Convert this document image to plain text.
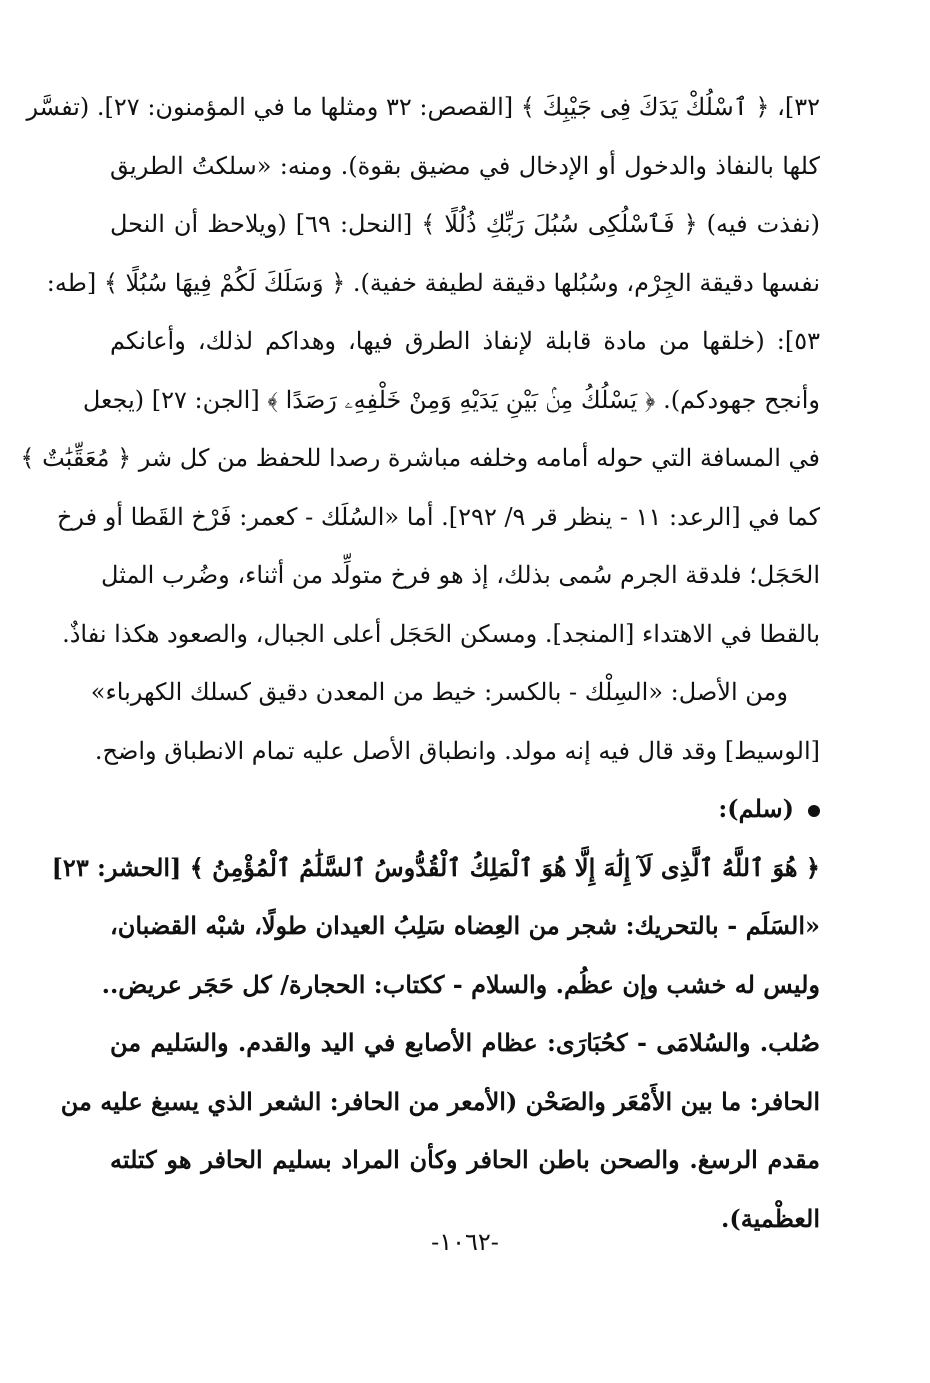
٣٢]، ﴿ ٱسْلُكْ يَدَكَ فِى جَيْبِكَ ﴾ [القصص: ٣٢ ومثلها ما في المؤمنون: ٢٧]. (تفسَّر
كلها بالنفاذ والدخول أو الإدخال في مضيق بقوة). ومنه: «سلكتُ الطريق
(نفذت فيه) ﴿ فَٱسْلُكِى سُبُلَ رَبِّكِ ذُلُلًا ﴾ [النحل: ٦٩] (ويلاحظ أن النحل
نفسها دقيقة الجِرْم، وسُبُلها دقيقة لطيفة خفية). ﴿ وَسَلَكَ لَكُمْ فِيهَا سُبُلًا ﴾ [طه:
٥٣]: (خلقها من مادة قابلة لإنفاذ الطرق فيها، وهداكم لذلك، وأعانكم
وأنجح جهودكم). ﴿ يَسْلُكُ مِنۢ بَيْنِ يَدَيْهِ وَمِنْ خَلْفِهِۦ رَصَدًا ﴾ [الجن: ٢٧] (يجعل
في المسافة التي حوله أمامه وخلفه مباشرة رصدا للحفظ من كل شر ﴿ مُعَقِّبَٰتٌ ﴾
كما في [الرعد: ١١ - ينظر قر ٩/ ٢٩٢]. أما «السُلَك - كعمر: فَرْخ القَطا أو فرخ
الحَجَل؛ فلدقة الجرم سُمى بذلك، إذ هو فرخ متولِّد من أثناء، وضُرب المثل
بالقطا في الاهتداء [المنجد]. ومسكن الحَجَل أعلى الجبال، والصعود هكذا نفاذٌ.
ومن الأصل: «السِلْك - بالكسر: خيط من المعدن دقيق كسلك الكهرباء»
[الوسيط] وقد قال فيه إنه مولد. وانطباق الأصل عليه تمام الانطباق واضح.
(سلم):
﴿ هُوَ ٱللَّهُ ٱلَّذِى لَآ إِلَٰهَ إِلَّا هُوَ ٱلْمَلِكُ ٱلْقُدُّوسُ ٱلسَّلَٰمُ ٱلْمُؤْمِنُ ﴾ [الحشر: ٢٣]
«السَلَم - بالتحريك: شجر من العِضاه سَلِبُ العيدان طولًا، شبْه القضبان،
وليس له خشب وإن عظُم. والسلام - ككتاب: الحجارة/ كل حَجَر عريض..
صُلب. والسُلامَى - كحُبَارَى: عظام الأصابع في اليد والقدم. والسَليم من
الحافر: ما بين الأَمْعَر والصَحْن (الأمعر من الحافر: الشعر الذي يسبغ عليه من
مقدم الرسغ. والصحن باطن الحافر وكأن المراد بسليم الحافر هو كتلته
العظْمية).
-١٠٦٢-
